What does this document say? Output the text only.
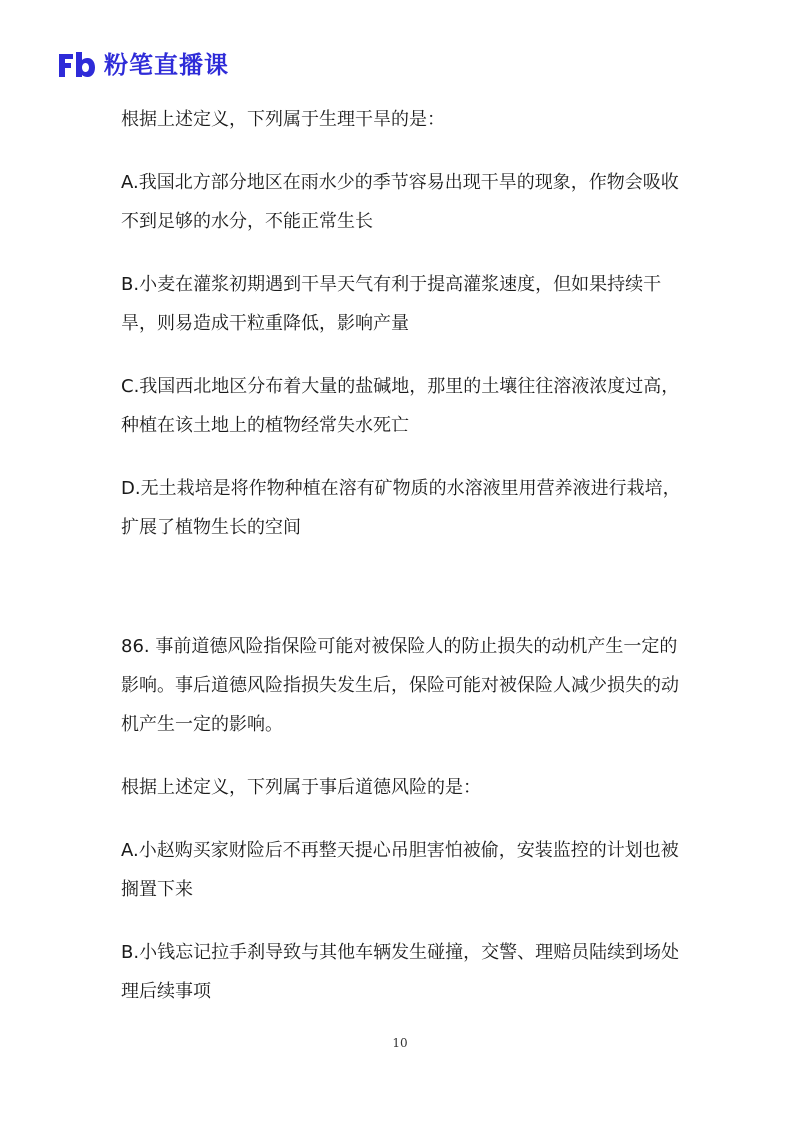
粉笔直播课

根据上述定义，下列属于生理干旱的是：

A.我国北方部分地区在雨水少的季节容易出现干旱的现象，作物会吸收不到足够的水分，不能正常生长

B.小麦在灌浆初期遇到干旱天气有利于提高灌浆速度，但如果持续干旱，则易造成干粒重降低，影响产量

C.我国西北地区分布着大量的盐碱地，那里的土壤往往溶液浓度过高，种植在该土地上的植物经常失水死亡

D.无土栽培是将作物种植在溶有矿物质的水溶液里用营养液进行栽培，扩展了植物生长的空间

86. 事前道德风险指保险可能对被保险人的防止损失的动机产生一定的影响。事后道德风险指损失发生后，保险可能对被保险人减少损失的动机产生一定的影响。

根据上述定义，下列属于事后道德风险的是：

A.小赵购买家财险后不再整天提心吊胆害怕被偷，安装监控的计划也被搁置下来

B.小钱忘记拉手刹导致与其他车辆发生碰撞，交警、理赔员陆续到场处理后续事项

10
